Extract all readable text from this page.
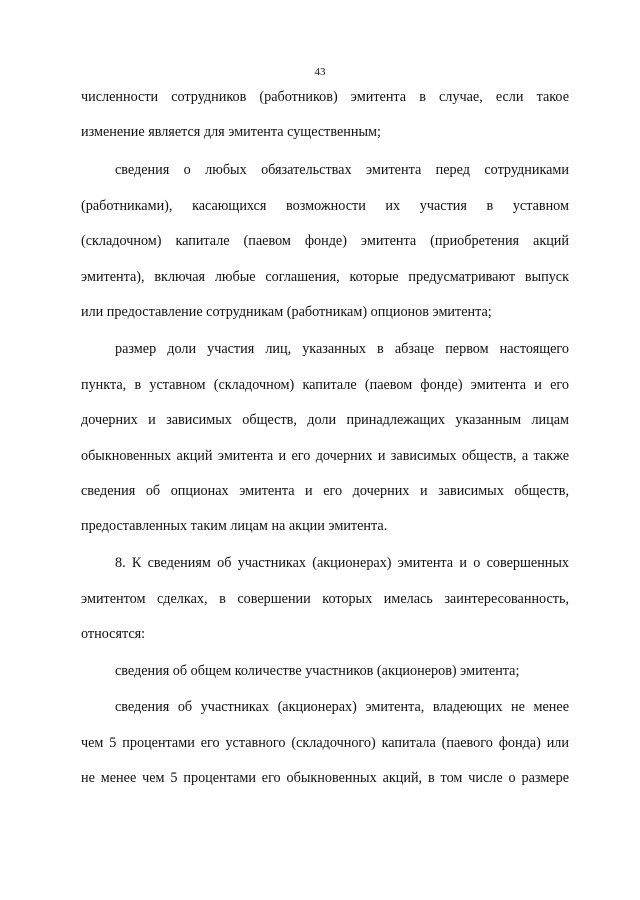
43
численности сотрудников (работников) эмитента в случае, если такое
изменение является для эмитента существенным;
сведения о любых обязательствах эмитента перед сотрудниками
(работниками), касающихся возможности их участия в уставном
(складочном) капитале (паевом фонде) эмитента (приобретения акций
эмитента), включая любые соглашения, которые предусматривают выпуск
или предоставление сотрудникам (работникам) опционов эмитента;
размер доли участия лиц, указанных в абзаце первом настоящего
пункта, в уставном (складочном) капитале (паевом фонде) эмитента и его
дочерних и зависимых обществ, доли принадлежащих указанным лицам
обыкновенных акций эмитента и его дочерних и зависимых обществ, а также
сведения об опционах эмитента и его дочерних и зависимых обществ,
предоставленных таким лицам на акции эмитента.
8. К сведениям об участниках (акционерах) эмитента и о совершенных
эмитентом сделках, в совершении которых имелась заинтересованность,
относятся:
сведения об общем количестве участников (акционеров) эмитента;
сведения об участниках (акционерах) эмитента, владеющих не менее
чем 5 процентами его уставного (складочного) капитала (паевого фонда) или
не менее чем 5 процентами его обыкновенных акций, в том числе о размере
